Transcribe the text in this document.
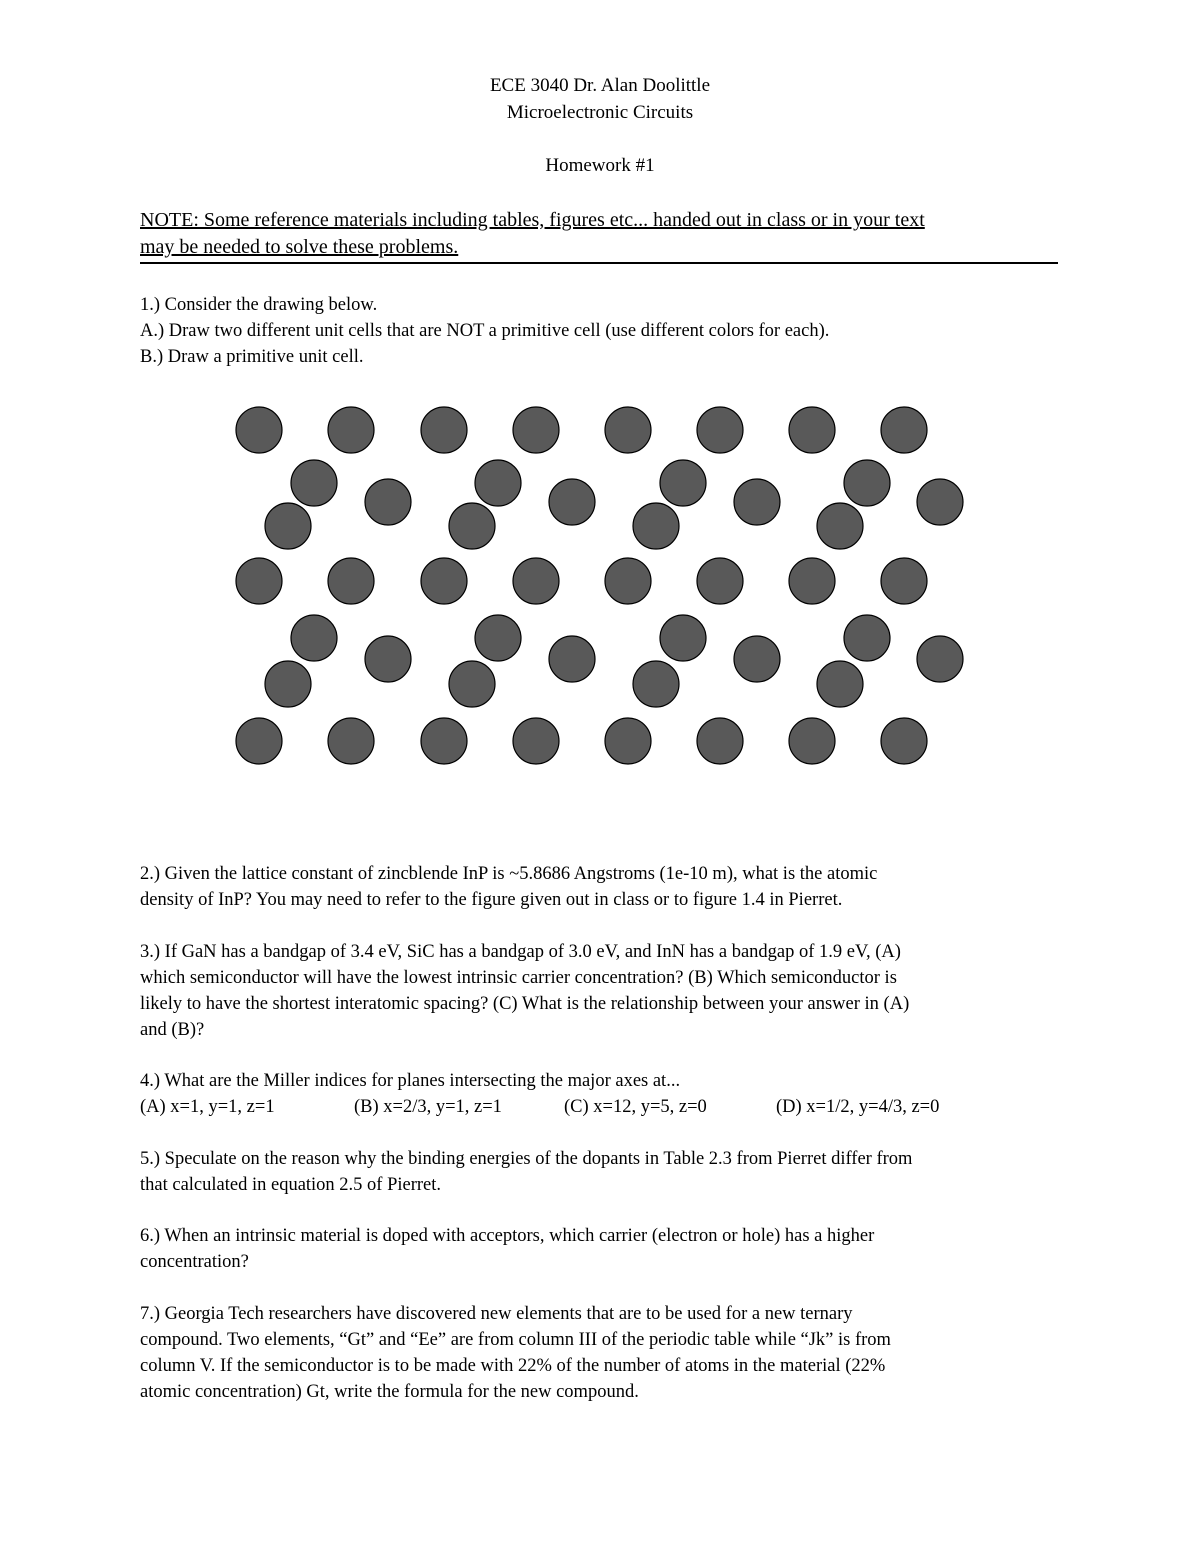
ECE 3040 Dr. Alan Doolittle
Microelectronic Circuits
Homework #1
NOTE: Some reference materials including tables, figures etc... handed out in class or in your text
may be needed to solve these problems.
1.) Consider the drawing below.
A.) Draw two different unit cells that are NOT a primitive cell (use different colors for each).
B.) Draw a primitive unit cell.
2.) Given the lattice constant of zincblende InP is ~5.8686 Angstroms (1e-10 m), what is the atomic
density of InP? You may need to refer to the figure given out in class or to figure 1.4 in Pierret.
3.) If GaN has a bandgap of 3.4 eV, SiC has a bandgap of 3.0 eV, and InN has a bandgap of 1.9 eV, (A)
which semiconductor will have the lowest intrinsic carrier concentration? (B) Which semiconductor is
likely to have the shortest interatomic spacing? (C) What is the relationship between your answer in (A)
and (B)?
4.) What are the Miller indices for planes intersecting the major axes at...
(A) x=1, y=1, z=1	(B) x=2/3, y=1, z=1	(C) x=12, y=5, z=0	(D) x=1/2, y=4/3, z=0
5.) Speculate on the reason why the binding energies of the dopants in Table 2.3 from Pierret differ from
that calculated in equation 2.5 of Pierret.
6.) When an intrinsic material is doped with acceptors, which carrier (electron or hole) has a higher
concentration?
7.) Georgia Tech researchers have discovered new elements that are to be used for a new ternary
compound. Two elements, “Gt” and “Ee” are from column III of the periodic table while “Jk” is from
column V. If the semiconductor is to be made with 22% of the number of atoms in the material (22%
atomic concentration) Gt, write the formula for the new compound.
